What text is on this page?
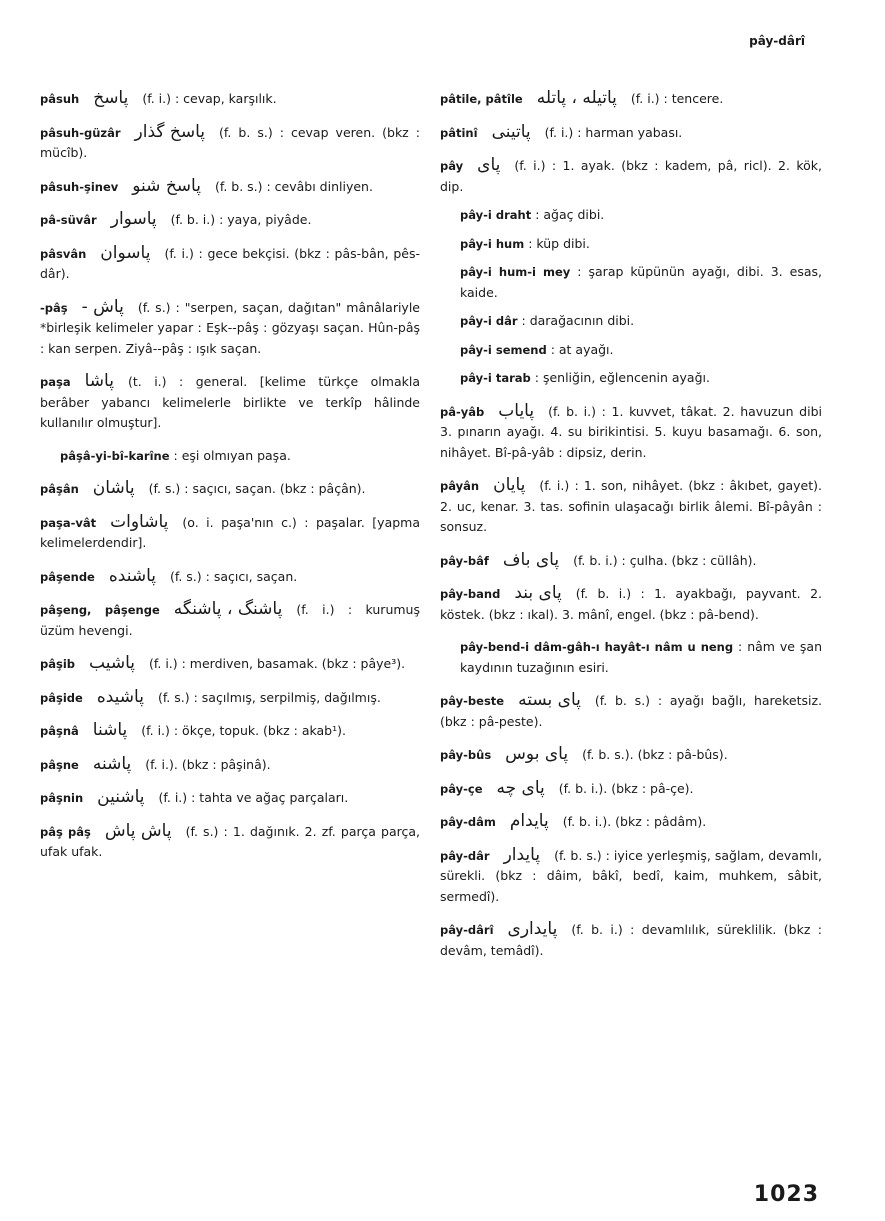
pây-dârî
pâsuh پاسخ (f. i.) : cevap, karşılık.
pâsuh-güzâr پاسخ گذار (f. b. s.) : cevap veren. (bkz : mücîb).
pâsuh-şinev پاسخ شنو (f. b. s.) : cevâbı dinliyen.
pâ-süvâr پاسوار (f. b. i.) : yaya, piyâde.
pâsvân پاسوان (f. i.) : gece bekçisi. (bkz : pâs-bân, pês-dâr).
-pâş پاش - (f. s.) : "serpen, saçan, dağıtan" mânâlariyle *birleşik kelimeler yapar : Eşk--pâş : gözyaşı saçan. Hûn-pâş : kan serpen. Ziyâ--pâş : ışık saçan.
paşa پاشا (t. i.) : general. [kelime türkçe olmakla berâber yabancı kelimelerle birlikte ve terkîp hâlinde kullanılır olmuştur].
pâşâ-yi-bî-karîne : eşi olmıyan paşa.
pâşân پاشان (f. s.) : saçıcı, saçan. (bkz : pâçân).
paşa-vât پاشاوات (o. i. paşa'nın c.) : paşalar. [yapma kelimelerdendir].
pâşende پاشنده (f. s.) : saçıcı, saçan.
pâşeng, pâşenge پاشنگ ، پاشنگه (f. i.) : kurumuş üzüm hevengi.
pâşib پاشیب (f. i.) : merdiven, basamak. (bkz : pâye³).
pâşide پاشیده (f. s.) : saçılmış, serpilmiş, dağılmış.
pâşnâ پاشنا (f. i.) : ökçe, topuk. (bkz : akab¹).
pâşne پاشنه (f. i.). (bkz : pâşinâ).
pâşnin پاشنین (f. i.) : tahta ve ağaç parçaları.
pâş pâş پاش پاش (f. s.) : 1. dağınık. 2. zf. parça parça, ufak ufak.
pâtile, pâtîle پاتیله ، پاتله (f. i.) : tencere.
pâtinî پاتینی (f. i.) : harman yabası.
pây پای (f. i.) : 1. ayak. (bkz : kadem, pâ, ricl). 2. kök, dip.
pây-i draht : ağaç dibi.
pây-i hum : küp dibi.
pây-i hum-i mey : şarap küpünün ayağı, dibi. 3. esas, kaide.
pây-i dâr : darağacının dibi.
pây-i semend : at ayağı.
pây-i tarab : şenliğin, eğlencenin ayağı.
pâ-yâb پایاب (f. b. i.) : 1. kuvvet, tâkat. 2. havuzun dibi 3. pınarın ayağı. 4. su birikintisi. 5. kuyu basamağı. 6. son, nihâyet. Bî-pâ-yâb : dipsiz, derin.
pâyân پایان (f. i.) : 1. son, nihâyet. (bkz : âkıbet, gayet). 2. uc, kenar. 3. tas. sofinin ulaşacağı birlik âlemi. Bî-pâyân : sonsuz.
pây-bâf پای باف (f. b. i.) : çulha. (bkz : cüllâh).
pây-band پای بند (f. b. i.) : 1. ayakbağı, payvant. 2. köstek. (bkz : ıkal). 3. mânî, engel. (bkz : pâ-bend).
pây-bend-i dâm-gâh-ı hayât-ı nâm u neng : nâm ve şan kaydının tuzağının esiri.
pây-beste پای بسته (f. b. s.) : ayağı bağlı, hareketsiz. (bkz : pâ-peste).
pây-bûs پای بوس (f. b. s.). (bkz : pâ-bûs).
pây-çe پای چه (f. b. i.). (bkz : pâ-çe).
pây-dâm پایدام (f. b. i.). (bkz : pâdâm).
pây-dâr پایدار (f. b. s.) : iyice yerleşmiş, sağlam, devamlı, sürekli. (bkz : dâim, bâkî, bedî, kaim, muhkem, sâbit, sermedî).
pây-dârî پایداری (f. b. i.) : devamlılık, süreklilik. (bkz : devâm, temâdî).
1023
